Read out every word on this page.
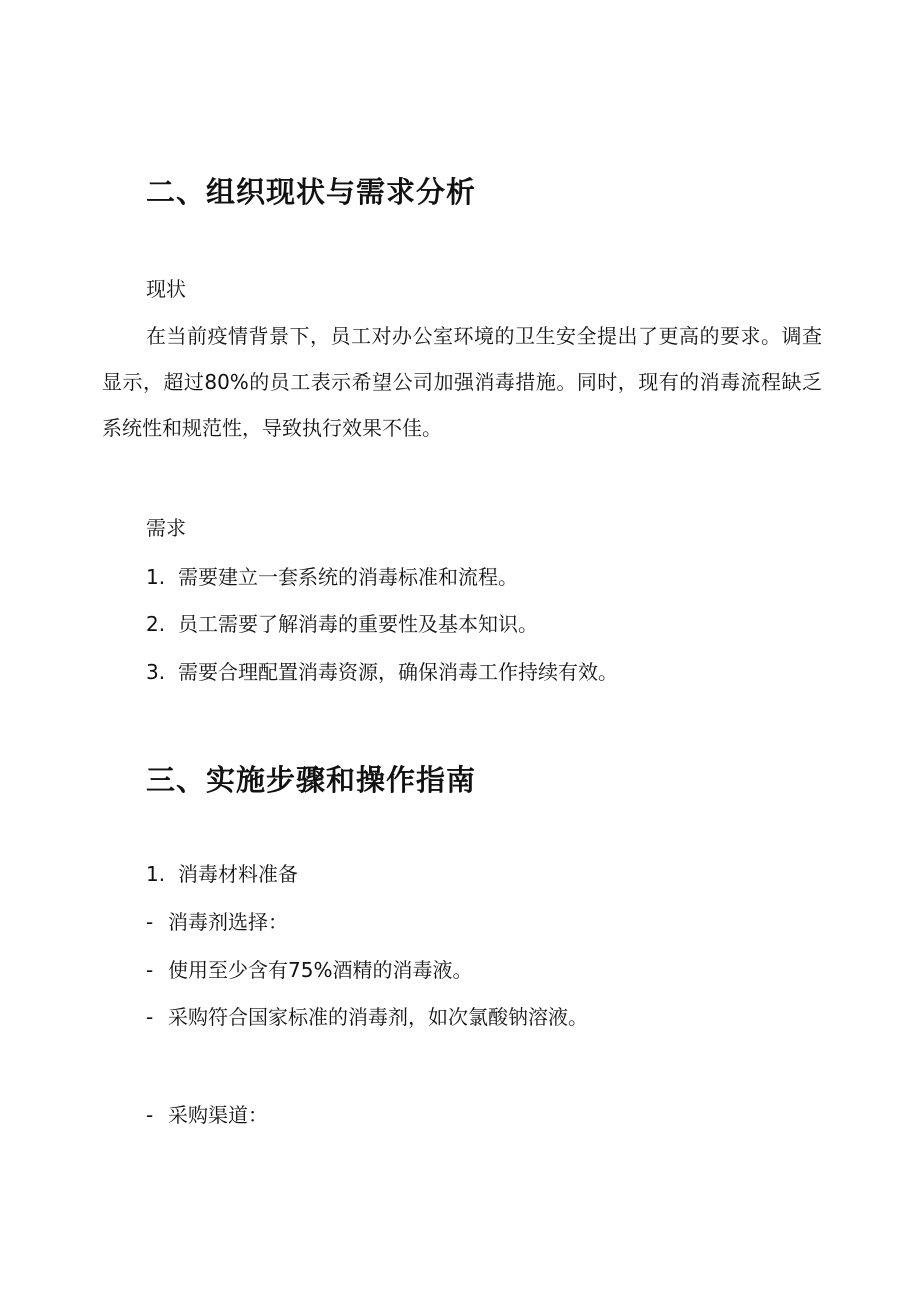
二、组织现状与需求分析
现状

在当前疫情背景下，员工对办公室环境的卫生安全提出了更高的要求。调查显示，超过80%的员工表示希望公司加强消毒措施。同时，现有的消毒流程缺乏系统性和规范性，导致执行效果不佳。

需求
1. 需要建立一套系统的消毒标准和流程。
2. 员工需要了解消毒的重要性及基本知识。
3. 需要合理配置消毒资源，确保消毒工作持续有效。
三、实施步骤和操作指南
1. 消毒材料准备
- 消毒剂选择：
- 使用至少含有75%酒精的消毒液。
- 采购符合国家标准的消毒剂，如次氯酸钠溶液。
- 采购渠道：
